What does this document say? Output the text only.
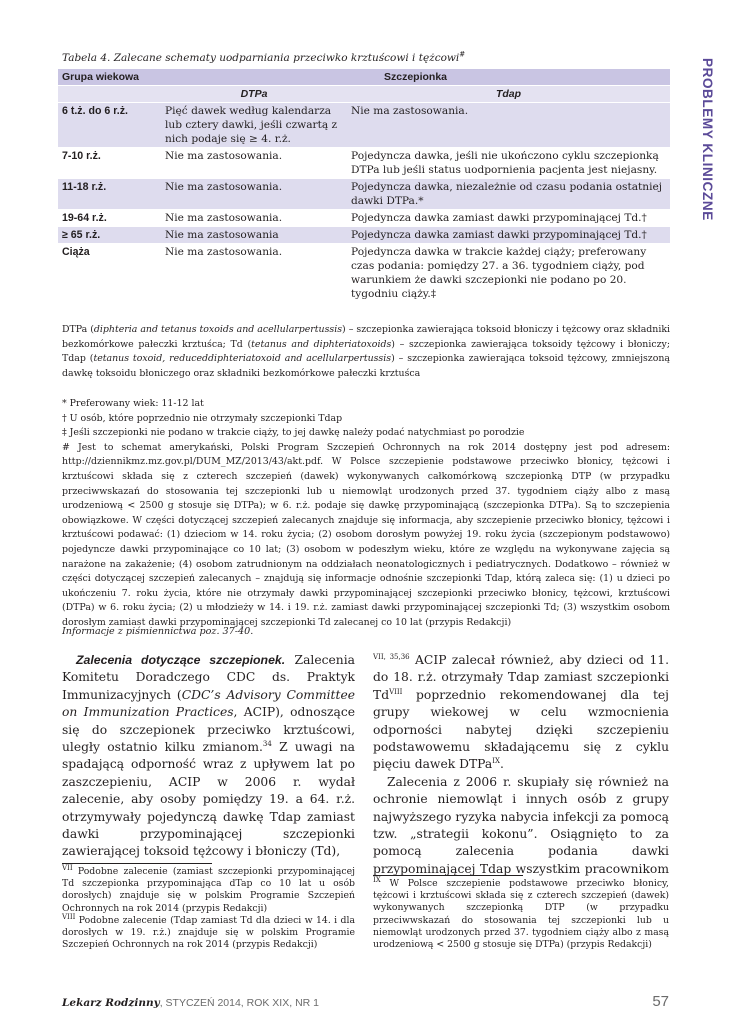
PROBLEMY KLINICZNE
Tabela 4. Zalecane schematy uodparniania przeciwko krztuścowi i tężcowi#
Grupa wiekowa	Szczepionka	
	DTPa	Tdap
6 t.ż. do 6 r.ż.	Pięć dawek według kalendarza lub cztery dawki, jeśli czwartą z nich podaje się ≥ 4. r.ż.	Nie ma zastosowania.
7-10 r.ż.	Nie ma zastosowania.	Pojedyncza dawka, jeśli nie ukończono cyklu szczepionką DTPa lub jeśli status uodpornienia pacjenta jest niejasny.
11-18 r.ż.	Nie ma zastosowania.	Pojedyncza dawka, niezależnie od czasu podania ostatniej dawki DTPa.*
19-64 r.ż.	Nie ma zastosowania.	Pojedyncza dawka zamiast dawki przypominającej Td.†
≥ 65 r.ż.	Nie ma zastosowania	Pojedyncza dawka zamiast dawki przypominającej Td.†
Ciąża	Nie ma zastosowania.	Pojedyncza dawka w trakcie każdej ciąży; preferowany czas podania: pomiędzy 27. a 36. tygodniem ciąży, pod warunkiem że dawki szczepionki nie podano po 20. tygodniu ciąży.‡

DTPa (diphteria and tetanus toxoids and acellularpertussis) – szczepionka zawierająca toksoid błoniczy i tężcowy oraz składniki bezkomórkowe pałeczki krztuśca; Td (tetanus and diphteriatoxoids) – szczepionka zawierająca toksoidy tężcowy i błoniczy; Tdap (tetanus toxoid, reduceddiphteriatoxoid and acellularpertussis) – szczepionka zawierająca toksoid tężcowy, zmniejszoną dawkę toksoidu błoniczego oraz składniki bezkomórkowe pałeczki krztuśca

* Preferowany wiek: 11-12 lat

† U osób, które poprzednio nie otrzymały szczepionki Tdap

‡ Jeśli szczepionki nie podano w trakcie ciąży, to jej dawkę należy podać natychmiast po porodzie

# Jest to schemat amerykański, Polski Program Szczepień Ochronnych na rok 2014 dostępny jest pod adresem: http://dziennikmz.mz.gov.pl/DUM_MZ/2013/43/akt.pdf. W Polsce szczepienie podstawowe przeciwko błonicy, tężcowi i krztuścowi składa się z czterech szczepień (dawek) wykonywanych całkomórkową szczepionką DTP (w przypadku przeciwwskazań do stosowania tej szczepionki lub u niemowląt urodzonych przed 37. tygodniem ciąży albo z masą urodzeniową < 2500 g stosuje się DTPa); w 6. r.ż. podaje się dawkę przypominającą (szczepionka DTPa). Są to szczepienia obowiązkowe. W części dotyczącej szczepień zalecanych znajduje się informacja, aby szczepienie przeciwko błonicy, tężcowi i krztuścowi podawać: (1) dzieciom w 14. roku życia; (2) osobom dorosłym powyżej 19. roku życia (szczepionym podstawowo) pojedyncze dawki przypominające co 10 lat; (3) osobom w podeszłym wieku, które ze względu na wykonywane zajęcia są narażone na zakażenie; (4) osobom zatrudnionym na oddziałach neonatologicznych i pediatrycznych. Dodatkowo – również w części dotyczącej szczepień zalecanych – znajdują się informacje odnośnie szczepionki Tdap, którą zaleca się: (1) u dzieci po ukończeniu 7. roku życia, które nie otrzymały dawki przypominającej szczepionki przeciwko błonicy, tężcowi, krztuścowi (DTPa) w 6. roku życia; (2) u młodzieży w 14. i 19. r.ż. zamiast dawki przypominającej szczepionki Td; (3) wszystkim osobom dorosłym zamiast dawki przypominającej szczepionki Td zalecanej co 10 lat (przypis Redakcji)

Informacje z piśmiennictwa poz. 37-40.

Zalecenia dotyczące szczepionek. Zalecenia Komitetu Doradczego CDC ds. Praktyk Immunizacyjnych (CDC’s Advisory Committee on Immunization Practices, ACIP), odnoszące się do szczepionek przeciwko krztuścowi, uległy ostatnio kilku zmianom.$^{34}$ Z uwagi na spadającą odporność wraz z upływem lat po zaszczepieniu, ACIP w 2006 r. wydał zalecenie, aby osoby pomiędzy 19. a 64. r.ż. otrzymywały pojedynczą dawkę Tdap zamiast dawki przypominającej szczepionki zawierającej toksoid tężcowy i błoniczy (Td),

$^{VII, 35,36}$ ACIP zalecał również, aby dzieci od 11. do 18. r.ż. otrzymały Tdap zamiast szczepionki $Td^{VIII}$ poprzednio rekomendowanej dla tej grupy wiekowej w celu wzmocnienia odporności nabytej dzięki szczepieniu podstawowemu składającemu się z cyklu pięciu dawek DTPa$^{IX}$.

Zalecenia z 2006 r. skupiały się również na ochronie niemowląt i innych osób z grupy najwyższego ryzyka nabycia infekcji za pomocą tzw. „strategii kokonu”. Osiągnięto to za pomocą zalecenia podania dawki przypominającej Tdap wszystkim pracownikom

$^{VII}$ Podobne zalecenie (zamiast szczepionki przypominającej Td szczepionka przypominająca dTap co 10 lat u osób dorosłych) znajduje się w polskim Programie Szczepień Ochronnych na rok 2014 (przypis Redakcji)
$^{VIII}$ Podobne zalecenie (Tdap zamiast Td dla dzieci w 14. i dla dorosłych w 19. r.ż.) znajduje się w polskim Programie Szczepień Ochronnych na rok 2014 (przypis Redakcji)
$^{IX}$ W Polsce szczepienie podstawowe przeciwko błonicy, tężcowi i krztuścowi składa się z czterech szczepień (dawek) wykonywanych szczepionką DTP (w przypadku przeciwwskazań do stosowania tej szczepionki lub u niemowląt urodzonych przed 37. tygodniem ciąży albo z masą urodzeniową < 2500 g stosuje się DTPa) (przypis Redakcji)
Lekarz Rodzinny, STYCZEŃ 2014, ROK XIX, NR 1	57
